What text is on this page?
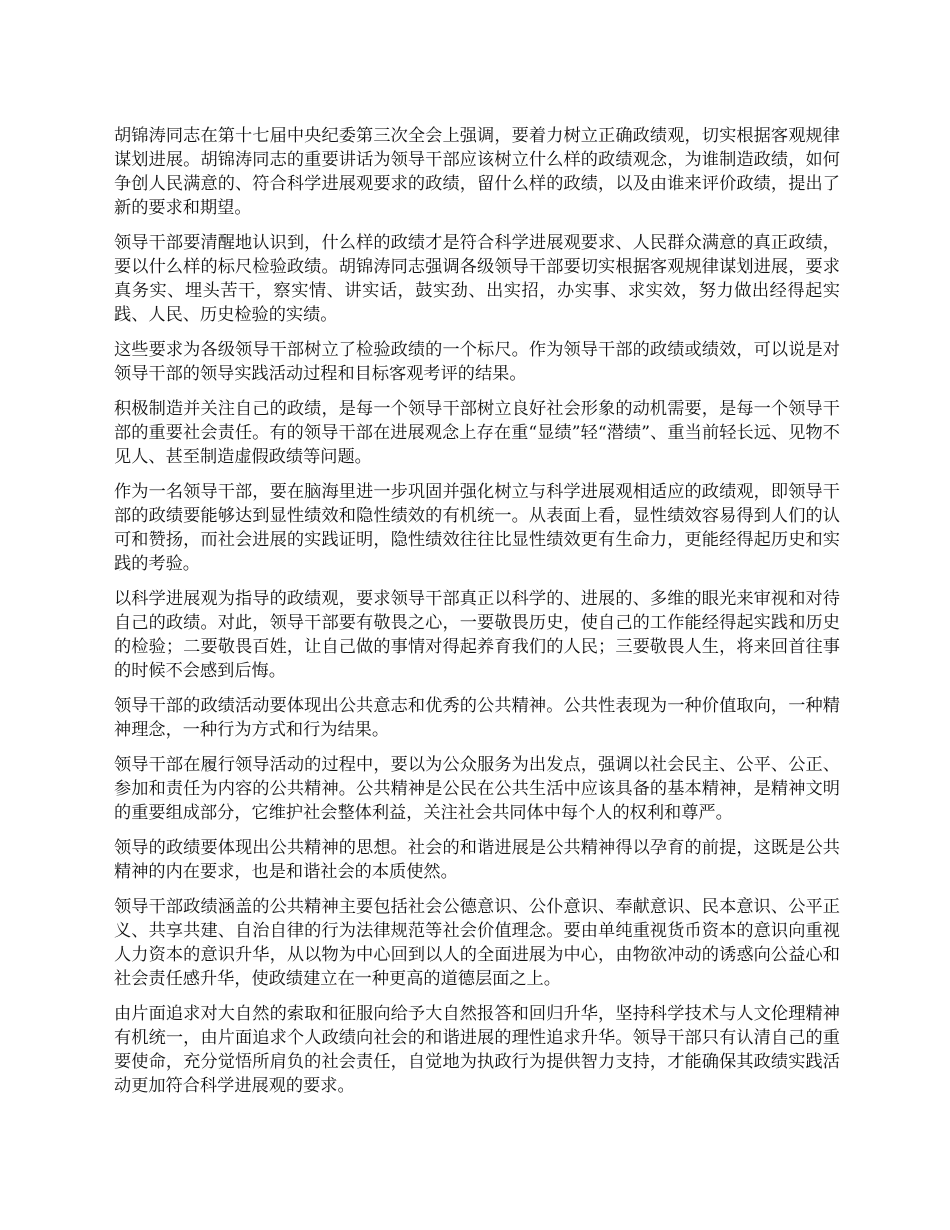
胡锦涛同志在第十七届中央纪委第三次全会上强调，要着力树立正确政绩观，切实根据客观规律谋划进展。胡锦涛同志的重要讲话为领导干部应该树立什么样的政绩观念，为谁制造政绩，如何争创人民满意的、符合科学进展观要求的政绩，留什么样的政绩，以及由谁来评价政绩，提出了新的要求和期望。

领导干部要清醒地认识到，什么样的政绩才是符合科学进展观要求、人民群众满意的真正政绩，要以什么样的标尺检验政绩。胡锦涛同志强调各级领导干部要切实根据客观规律谋划进展，要求真务实、埋头苦干，察实情、讲实话，鼓实劲、出实招，办实事、求实效，努力做出经得起实践、人民、历史检验的实绩。

这些要求为各级领导干部树立了检验政绩的一个标尺。作为领导干部的政绩或绩效，可以说是对领导干部的领导实践活动过程和目标客观考评的结果。

积极制造并关注自己的政绩，是每一个领导干部树立良好社会形象的动机需要，是每一个领导干部的重要社会责任。有的领导干部在进展观念上存在重“显绩”轻“潜绩”、重当前轻长远、见物不见人、甚至制造虚假政绩等问题。

作为一名领导干部，要在脑海里进一步巩固并强化树立与科学进展观相适应的政绩观，即领导干部的政绩要能够达到显性绩效和隐性绩效的有机统一。从表面上看，显性绩效容易得到人们的认可和赞扬，而社会进展的实践证明，隐性绩效往往比显性绩效更有生命力，更能经得起历史和实践的考验。

以科学进展观为指导的政绩观，要求领导干部真正以科学的、进展的、多维的眼光来审视和对待自己的政绩。对此，领导干部要有敬畏之心，一要敬畏历史，使自己的工作能经得起实践和历史的检验；二要敬畏百姓，让自己做的事情对得起养育我们的人民；三要敬畏人生，将来回首往事的时候不会感到后悔。

领导干部的政绩活动要体现出公共意志和优秀的公共精神。公共性表现为一种价值取向，一种精神理念，一种行为方式和行为结果。

领导干部在履行领导活动的过程中，要以为公众服务为出发点，强调以社会民主、公平、公正、参加和责任为内容的公共精神。公共精神是公民在公共生活中应该具备的基本精神，是精神文明的重要组成部分，它维护社会整体利益，关注社会共同体中每个人的权利和尊严。

领导的政绩要体现出公共精神的思想。社会的和谐进展是公共精神得以孕育的前提，这既是公共精神的内在要求，也是和谐社会的本质使然。

领导干部政绩涵盖的公共精神主要包括社会公德意识、公仆意识、奉献意识、民本意识、公平正义、共享共建、自治自律的行为法律规范等社会价值理念。要由单纯重视货币资本的意识向重视人力资本的意识升华，从以物为中心回到以人的全面进展为中心，由物欲冲动的诱惑向公益心和社会责任感升华，使政绩建立在一种更高的道德层面之上。

由片面追求对大自然的索取和征服向给予大自然报答和回归升华，坚持科学技术与人文伦理精神有机统一，由片面追求个人政绩向社会的和谐进展的理性追求升华。领导干部只有认清自己的重要使命，充分觉悟所肩负的社会责任，自觉地为执政行为提供智力支持，才能确保其政绩实践活动更加符合科学进展观的要求。
